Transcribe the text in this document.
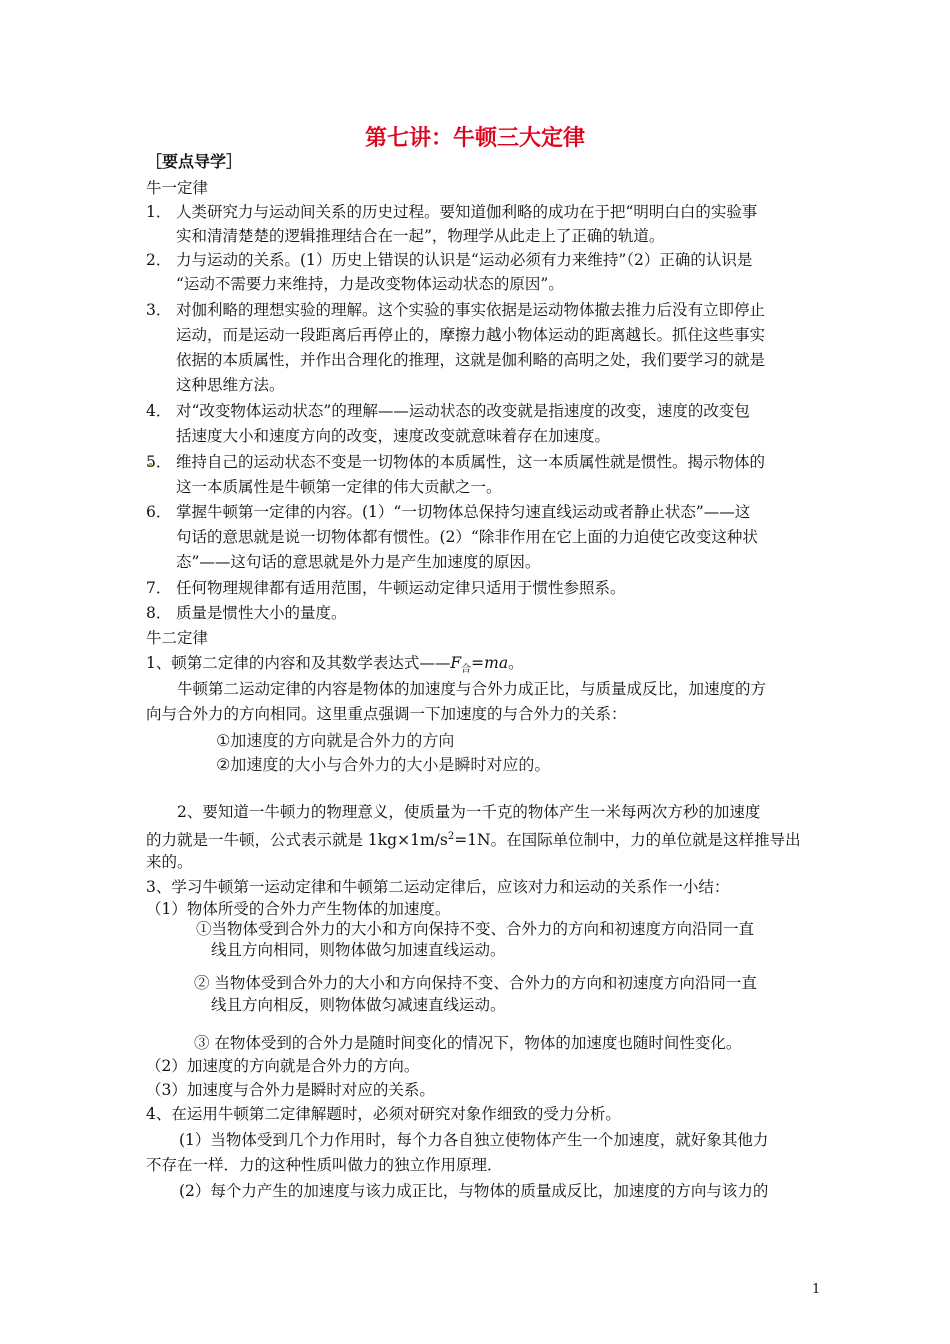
第七讲：牛顿三大定律
［要点导学］
牛一定律
1． 人类研究力与运动间关系的历史过程。要知道伽利略的成功在于把“明明白白的实验事
实和清清楚楚的逻辑推理结合在一起”，物理学从此走上了正确的轨道。
2． 力与运动的关系。(1）历史上错误的认识是“运动必须有力来维持”（2）正确的认识是
“运动不需要力来维持，力是改变物体运动状态的原因”。
3． 对伽利略的理想实验的理解。这个实验的事实依据是运动物体撤去推力后没有立即停止
运动，而是运动一段距离后再停止的，摩擦力越小物体运动的距离越长。抓住这些事实
依据的本质属性，并作出合理化的推理，这就是伽利略的高明之处，我们要学习的就是
这种思维方法。
4． 对“改变物体运动状态”的理解——运动状态的改变就是指速度的改变，速度的改变包
括速度大小和速度方向的改变，速度改变就意味着存在加速度。
5． 维持自己的运动状态不变是一切物体的本质属性，这一本质属性就是惯性。揭示物体的
这一本质属性是牛顿第一定律的伟大贡献之一。
6． 掌握牛顿第一定律的内容。(1）“一切物体总保持匀速直线运动或者静止状态”——这
句话的意思就是说一切物体都有惯性。(2）“除非作用在它上面的力迫使它改变这种状
态”——这句话的意思就是外力是产生加速度的原因。
7． 任何物理规律都有适用范围，牛顿运动定律只适用于惯性参照系。
8． 质量是惯性大小的量度。
牛二定律
1、顿第二定律的内容和及其数学表达式$——F_合=ma$。
牛顿第二运动定律的内容是物体的加速度与合外力成正比，与质量成反比，加速度的方
向与合外力的方向相同。这里重点强调一下加速度的与合外力的关系：
①加速度的方向就是合外力的方向
②加速度的大小与合外力的大小是瞬时对应的。
2、要知道一牛顿力的物理意义，使质量为一千克的物体产生一米每两次方秒的加速度
的力就是一牛顿，公式表示就是 $1kg\times 1m/s^2=1N$。在国际单位制中，力的单位就是这样推导出
来的。
3、学习牛顿第一运动定律和牛顿第二运动定律后，应该对力和运动的关系作一小结：
（1）物体所受的合外力产生物体的加速度。
①当物体受到合外力的大小和方向保持不变、合外力的方向和初速度方向沿同一直
线且方向相同，则物体做匀加速直线运动。
② 当物体受到合外力的大小和方向保持不变、合外力的方向和初速度方向沿同一直
线且方向相反，则物体做匀减速直线运动。
③ 在物体受到的合外力是随时间变化的情况下，物体的加速度也随时间性变化。
（2）加速度的方向就是合外力的方向。
（3）加速度与合外力是瞬时对应的关系。
4、在运用牛顿第二定律解题时，必须对研究对象作细致的受力分析。
(1）当物体受到几个力作用时，每个力各自独立使物体产生一个加速度，就好象其他力
不存在一样．力的这种性质叫做力的独立作用原理．
(2）每个力产生的加速度与该力成正比，与物体的质量成反比，加速度的方向与该力的
1
